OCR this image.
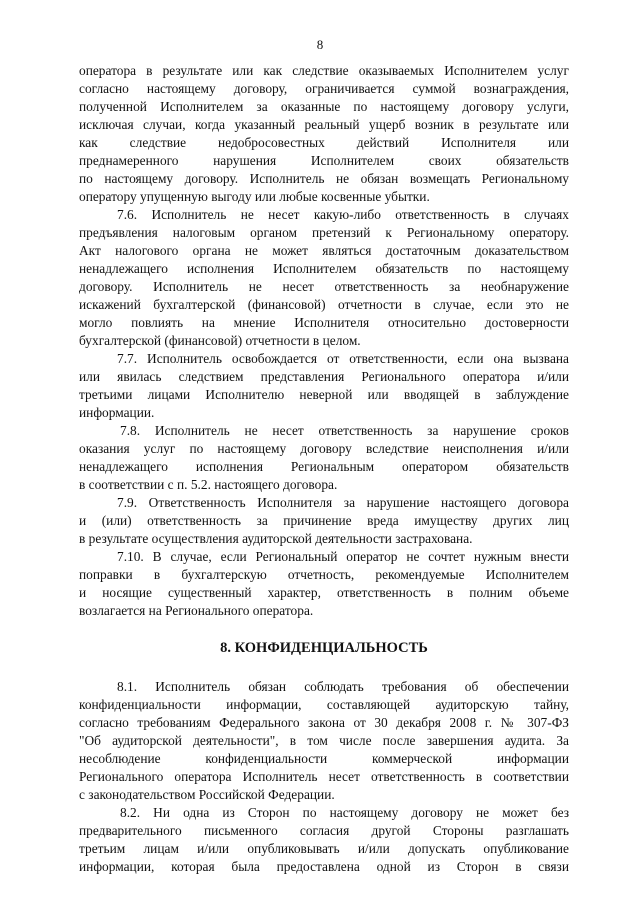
8
оператора в результате или как следствие оказываемых Исполнителем услуг
согласно настоящему договору, ограничивается суммой вознаграждения,
полученной Исполнителем за оказанные по настоящему договору услуги,
исключая случаи, когда указанный реальный ущерб возник в результате или
как следствие недобросовестных действий Исполнителя или
преднамеренного нарушения Исполнителем своих обязательств
по настоящему договору. Исполнитель не обязан возмещать Региональному
оператору упущенную выгоду или любые косвенные убытки.
7.6. Исполнитель не несет какую-либо ответственность в случаях
предъявления налоговым органом претензий к Региональному оператору.
Акт налогового органа не может являться достаточным доказательством
ненадлежащего исполнения Исполнителем обязательств по настоящему
договору. Исполнитель не несет ответственность за необнаружение
искажений бухгалтерской (финансовой) отчетности в случае, если это не
могло повлиять на мнение Исполнителя относительно достоверности
бухгалтерской (финансовой) отчетности в целом.
7.7. Исполнитель освобождается от ответственности, если она вызвана
или явилась следствием представления Регионального оператора и/или
третьими лицами Исполнителю неверной или вводящей в заблуждение
информации.
7.8. Исполнитель не несет ответственность за нарушение сроков
оказания услуг по настоящему договору вследствие неисполнения и/или
ненадлежащего исполнения Региональным оператором обязательств
в соответствии с п. 5.2. настоящего договора.
7.9. Ответственность Исполнителя за нарушение настоящего договора
и (или) ответственность за причинение вреда имуществу других лиц
в результате осуществления аудиторской деятельности застрахована.
7.10. В случае, если Региональный оператор не сочтет нужным внести
поправки в бухгалтерскую отчетность, рекомендуемые Исполнителем
и носящие существенный характер, ответственность в полним объеме
возлагается на Регионального оператора.
8. КОНФИДЕНЦИАЛЬНОСТЬ
8.1. Исполнитель обязан соблюдать требования об обеспечении
конфиденциальности информации, составляющей аудиторскую тайну,
согласно требованиям Федерального закона от 30 декабря 2008 г. № 307-ФЗ
"Об аудиторской деятельности", в том числе после завершения аудита. За
несоблюдение конфиденциальности коммерческой информации
Регионального оператора Исполнитель несет ответственность в соответствии
с законодательством Российской Федерации.
8.2. Ни одна из Сторон по настоящему договору не может без
предварительного письменного согласия другой Стороны разглашать
третьим лицам и/или опубликовывать и/или допускать опубликование
информации, которая была предоставлена одной из Сторон в связи
